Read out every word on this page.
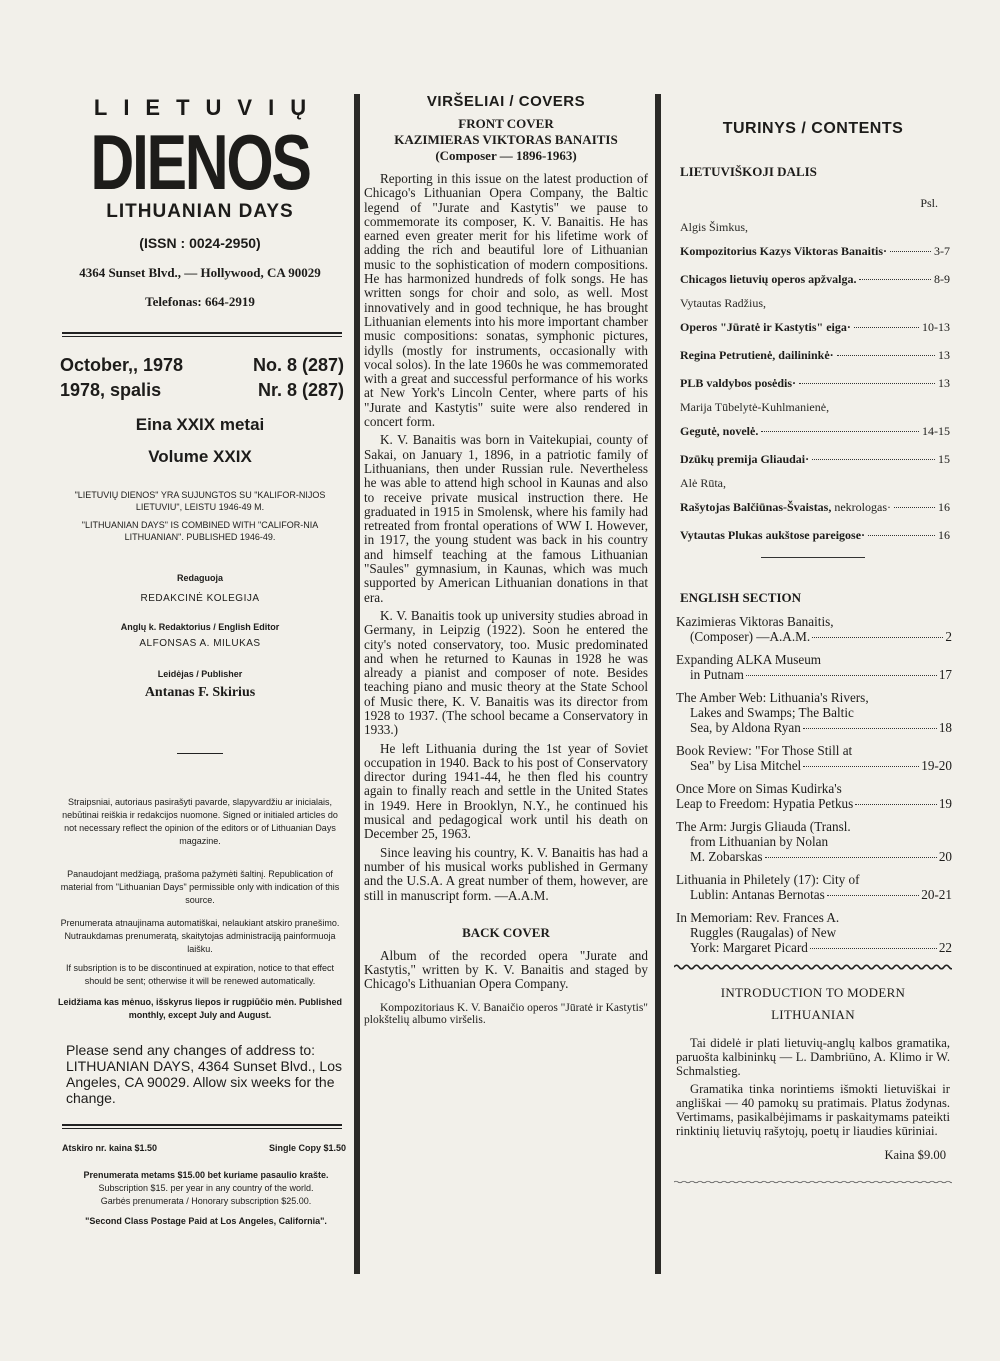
LIETUVIŲ
DIENOS
LITHUANIAN DAYS
(ISSN : 0024-2950)
4364 Sunset Blvd., — Hollywood, CA 90029
Telefonas: 664-2919
October,, 1978	No. 8 (287)
1978, spalis	Nr. 8 (287)
Eina XXIX metai
Volume XXIX

"LIETUVIŲ DIENOS" YRA SUJUNGTOS SU "KALIFOR-NIJOS LIETUVIU", LEISTU 1946-49 M.

"LITHUANIAN DAYS" IS COMBINED WITH "CALIFOR-NIA LITHUANIAN". PUBLISHED 1946-49.

Redaguoja
REDAKCINĖ KOLEGIJA
Anglų k. Redaktorius / English Editor
ALFONSAS A. MILUKAS
Leidėjas / Publisher
Antanas F. Skirius
Straipsniai, autoriaus pasirašyti pavarde, slapyvardžiu ar inicialais, nebūtinai reiškia ir redakcijos nuomone. Signed or initialed articles do not necessary reflect the opinion of the editors or of Lithuanian Days magazine.
Panaudojant medžiagą, prašoma pažymėti šaltinį. Republication of material from "Lithuanian Days" permissible only with indication of this source.
Prenumerata atnaujinama automatiškai, nelaukiant atskiro pranešimo. Nutraukdamas prenumeratą, skaitytojas administraciją painformuoja laišku.
If subsription is to be discontinued at expiration, notice to that effect should be sent; otherwise it will be renewed automatically.
Leidžiama kas mėnuo, išskyrus liepos ir rugpiūčio mėn. Published monthly, except July and August.
Please send any changes of address to: LITHUANIAN DAYS, 4364 Sunset Blvd., Los Angeles, CA 90029. Allow six weeks for the change.
Atskiro nr. kaina $1.50	Single Copy $1.50
Prenumerata metams $15.00 bet kuriame pasaulio krašte.
Subscription $15. per year in any country of the world.
Garbės prenumerata / Honorary subscription $25.00.
"Second Class Postage Paid at Los Angeles, California".
VIRŠELIAI / COVERS
FRONT COVER
KAZIMIERAS VIKTORAS BANAITIS
(Composer — 1896-1963)

Reporting in this issue on the latest production of Chicago's Lithuanian Opera Company, the Baltic legend of "Jurate and Kastytis" we pause to commemorate its composer, K. V. Banaitis. He has earned even greater merit for his lifetime work of adding the rich and beautiful lore of Lithuanian music to the sophistication of modern compositions. He has harmonized hundreds of folk songs. He has written songs for choir and solo, as well. Most innovatively and in good technique, he has brought Lithuanian elements into his more important chamber music compositions: sonatas, symphonic pictures, idylls (mostly for instruments, occasionally with vocal solos). In the late 1960s he was commemorated with a great and successful performance of his works at New York's Lincoln Center, where parts of his "Jurate and Kastytis" suite were also rendered in concert form.

K. V. Banaitis was born in Vaitekupiai, county of Sakai, on January 1, 1896, in a patriotic family of Lithuanians, then under Russian rule. Nevertheless he was able to attend high school in Kaunas and also to receive private musical instruction there. He graduated in 1915 in Smolensk, where his family had retreated from frontal operations of WW I. However, in 1917, the young student was back in his country and himself teaching at the famous Lithuanian "Saules" gymnasium, in Kaunas, which was much supported by American Lithuanian donations in that era.

K. V. Banaitis took up university studies abroad in Germany, in Leipzig (1922). Soon he entered the city's noted conservatory, too. Music predominated and when he returned to Kaunas in 1928 he was already a pianist and composer of note. Besides teaching piano and music theory at the State School of Music there, K. V. Banaitis was its director from 1928 to 1937. (The school became a Conservatory in 1933.)

He left Lithuania during the 1st year of Soviet occupation in 1940. Back to his post of Conservatory director during 1941-44, he then fled his country again to finally reach and settle in the United States in 1949. Here in Brooklyn, N.Y., he continued his musical and pedagogical work until his death on December 25, 1963.

Since leaving his country, K. V. Banaitis has had a number of his musical works published in Germany and the U.S.A. A great number of them, however, are still in manuscript form. —A.A.M.

BACK COVER

Album of the recorded opera "Jurate and Kastytis," written by K. V. Banaitis and staged by Chicago's Lithuanian Opera Company.

Kompozitoriaus K. V. Banaičio operos "Jūratė ir Kastytis" plokštelių albumo viršelis.

TURINYS / CONTENTS
LIETUVIŠKOJI DALIS
Psl.
Algis Šimkus,
Kompozitorius Kazys Viktoras Banaitis·	3-7
Chicagos lietuvių operos apžvalga.	8-9
Vytautas Radžius,
Operos "Jūratė ir Kastytis" eiga·	10-13
Regina Petrutienė, dailininkė·	13
PLB valdybos posėdis·	13
Marija Tūbelytė-Kuhlmanienė,
Gegutė, novelė.	14-15
Dzūkų premija Gliaudai·	15
Alė Rūta,
Rašytojas Balčiūnas-Švaistas, nekrologas·	16
Vytautas Plukas aukštose pareigose·	16
ENGLISH SECTION
Kazimieras Viktoras Banaitis,
(Composer) —A.A.M.	2
Expanding ALKA Museum
in Putnam	17
The Amber Web: Lithuania's Rivers,
Lakes and Swamps; The Baltic
Sea, by Aldona Ryan	18
Book Review: "For Those Still at
Sea" by Lisa Mitchel	19-20
Once More on Simas Kudirka's
Leap to Freedom: Hypatia Petkus	19
The Arm: Jurgis Gliauda (Transl.
from Lithuanian by Nolan
M. Zobarskas	20
Lithuania in Philetely (17): City of
Lublin: Antanas Bernotas	20-21
In Memoriam: Rev. Frances A.
Ruggles (Raugalas) of New
York: Margaret Picard	22
INTRODUCTION TO MODERN
LITHUANIAN

Tai didelė ir plati lietuvių-anglų kalbos gramatika, paruošta kalbininkų — L. Dambriūno, A. Klimo ir W. Schmalstieg.

Gramatika tinka norintiems išmokti lietuviškai ir angliškai — 40 pamokų su pratimais. Platus žodynas. Vertimams, pasikalbėjimams ir paskaitymams pateikti rinktinių lietuvių rašytojų, poetų ir liaudies kūriniai.

Kaina $9.00
